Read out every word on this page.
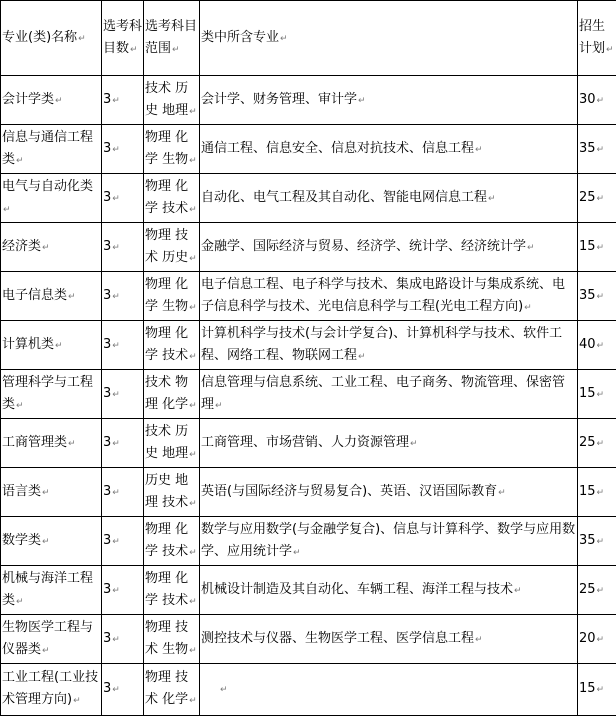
专业(类)名称↵	选考科目数↵	选考科目范围↵	类中所含专业↵	招生计划↵
会计学类↵	3↵	技术 历史 地理↵	会计学、财务管理、审计学↵	30↵
信息与通信工程类↵	3↵	物理 化学 生物↵	通信工程、信息安全、信息对抗技术、信息工程↵	35↵
电气与自动化类↵	3↵	物理 化学 技术↵	自动化、电气工程及其自动化、智能电网信息工程↵	25↵
经济类↵	3↵	物理 技术 历史↵	金融学、国际经济与贸易、经济学、统计学、经济统计学↵	15↵
电子信息类↵	3↵	物理 化学 生物↵	电子信息工程、电子科学与技术、集成电路设计与集成系统、电子信息科学与技术、光电信息科学与工程(光电工程方向)↵	35↵
计算机类↵	3↵	物理 化学 技术↵	计算机科学与技术(与会计学复合)、计算机科学与技术、软件工程、网络工程、物联网工程↵	40↵
管理科学与工程类↵	3↵	技术 物理 化学↵	信息管理与信息系统、工业工程、电子商务、物流管理、保密管理↵	15↵
工商管理类↵	3↵	技术 历史 地理↵	工商管理、市场营销、人力资源管理↵	25↵
语言类↵	3↵	历史 地理 技术↵	英语(与国际经济与贸易复合)、英语、汉语国际教育↵	15↵
数学类↵	3↵	物理 化学 技术↵	数学与应用数学(与金融学复合)、信息与计算科学、数学与应用数学、应用统计学↵	35↵
机械与海洋工程类↵	3↵	物理 化学 技术↵	机械设计制造及其自动化、车辆工程、海洋工程与技术↵	25↵
生物医学工程与仪器类↵	3↵	物理 技术 生物↵	测控技术与仪器、生物医学工程、医学信息工程↵	20↵
工业工程(工业技术管理方向)↵	3↵	物理 技术 化学↵	↵	15↵
